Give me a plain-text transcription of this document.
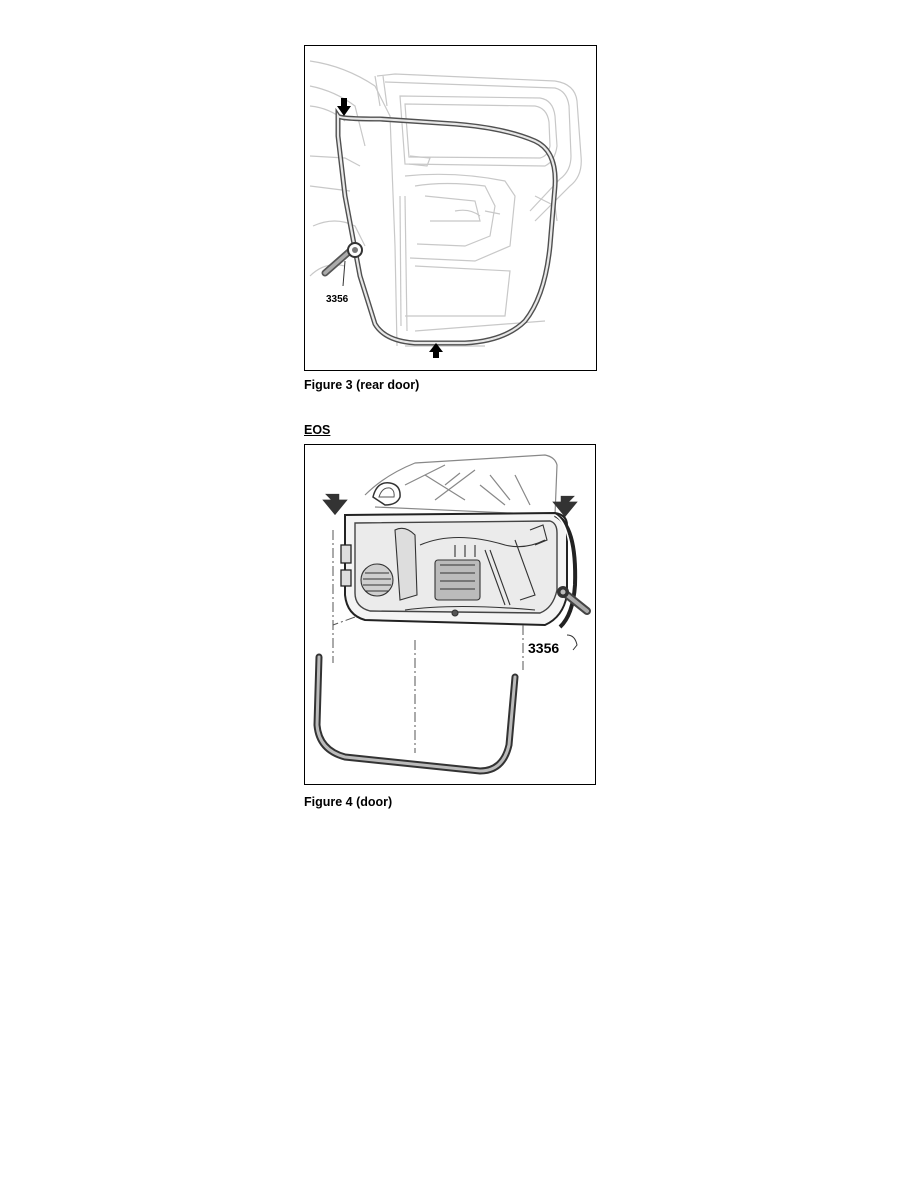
3356
Figure 3 (rear door)
EOS
3356
Figure 4 (door)
